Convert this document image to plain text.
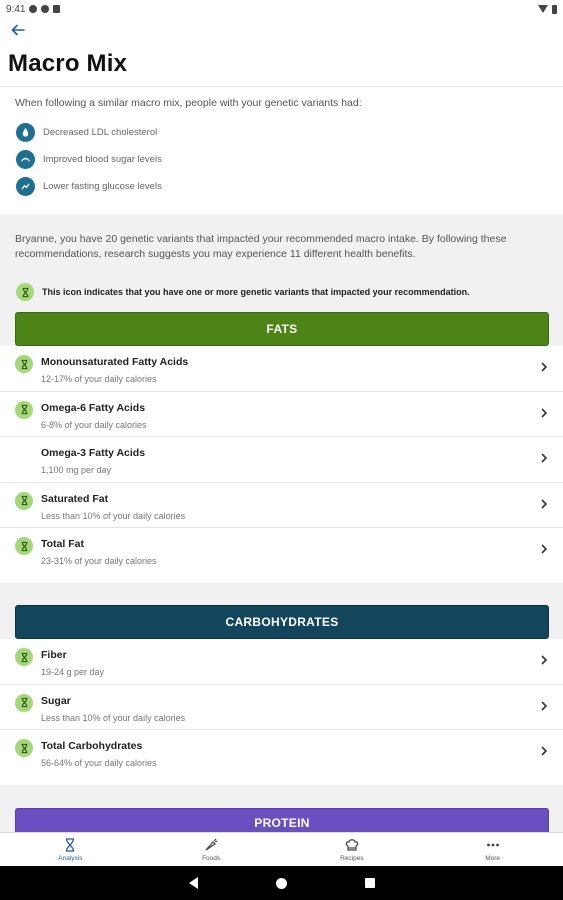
9:41
Macro Mix
When following a similar macro mix, people with your genetic variants had:
Decreased LDL cholesterol
Improved blood sugar levels
Lower fasting glucose levels
Bryanne, you have 20 genetic variants that impacted your recommended macro intake. By following these recommendations, research suggests you may experience 11 different health benefits.
This icon indicates that you have one or more genetic variants that impacted your recommendation.
FATS
Monounsaturated Fatty Acids
12-17% of your daily calories
Omega-6 Fatty Acids
6-8% of your daily calories
Omega-3 Fatty Acids
1,100 mg per day
Saturated Fat
Less than 10% of your daily calories
Total Fat
23-31% of your daily calories
CARBOHYDRATES
Fiber
19-24 g per day
Sugar
Less than 10% of your daily calories
Total Carbohydrates
56-64% of your daily calories
PROTEIN
Analysis	Foods	Recipes	More
